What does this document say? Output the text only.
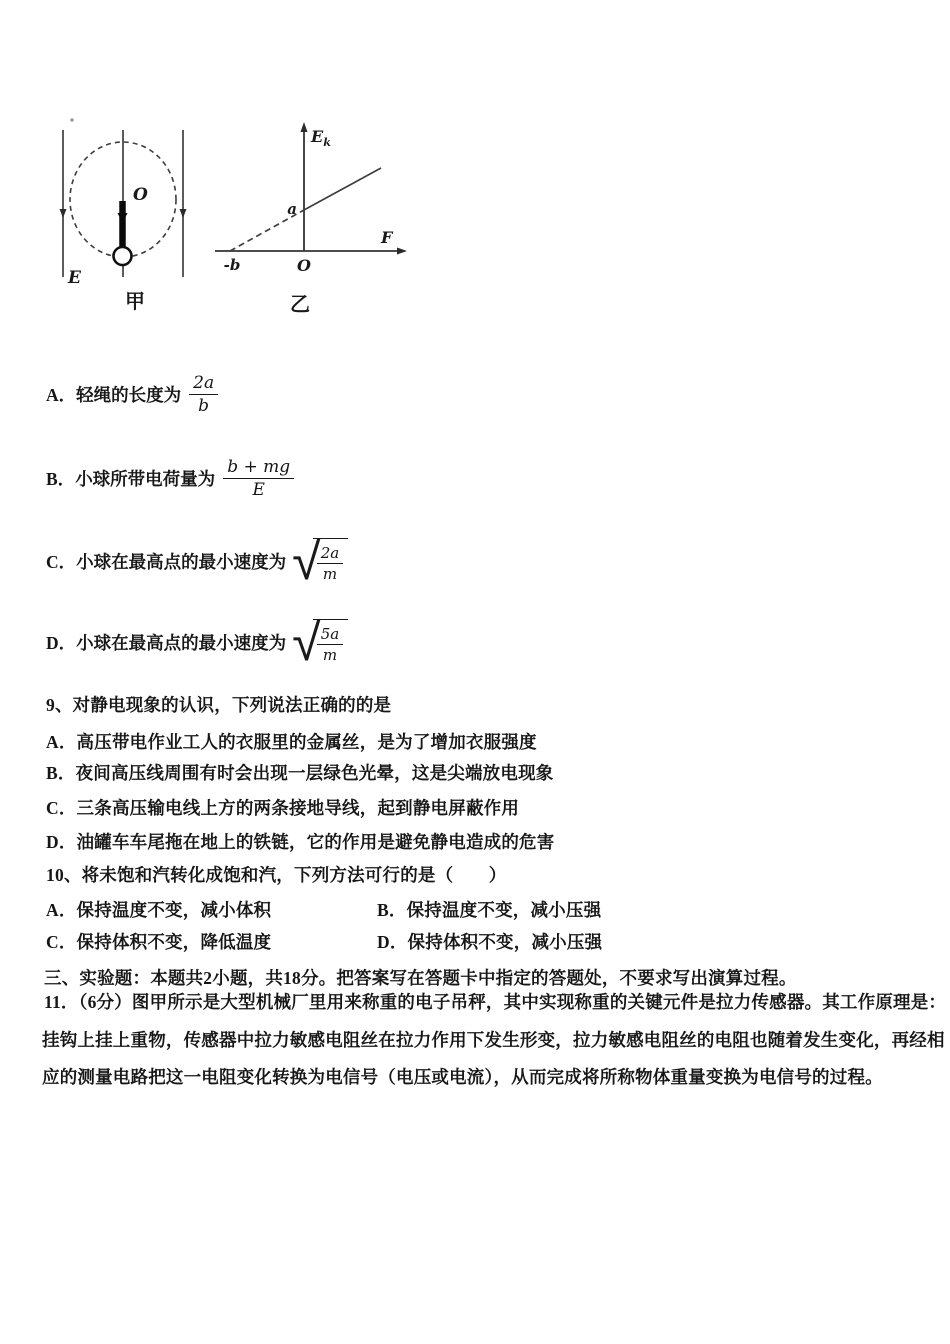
O
E
甲
$E_k$
F
O
a
-b
乙
A． 轻绳的长度为 $\frac{2a}{b}$
B． 小球所带电荷量为 $\frac{b + mg}{E}$
C． 小球在最高点的最小速度为 √
$\frac{2a}{m}$
D． 小球在最高点的最小速度为 √
$\frac{5a}{m}$
9、对静电现象的认识，下列说法正确的的是
A．高压带电作业工人的衣服里的金属丝，是为了增加衣服强度
B．夜间高压线周围有时会出现一层绿色光晕，这是尖端放电现象
C．三条高压输电线上方的两条接地导线，起到静电屏蔽作用
D．油罐车车尾拖在地上的铁链，它的作用是避免静电造成的危害
10、将未饱和汽转化成饱和汽，下列方法可行的是（　　）
A．保持温度不变，减小体积	B．保持温度不变，减小压强
C．保持体积不变，降低温度	D．保持体积不变，减小压强
三、实验题：本题共2小题，共18分。把答案写在答题卡中指定的答题处，不要求写出演算过程。
11．（6分）图甲所示是大型机械厂里用来称重的电子吊秤，其中实现称重的关键元件是拉力传感器。其工作原理是：
挂钩上挂上重物，传感器中拉力敏感电阻丝在拉力作用下发生形变，拉力敏感电阻丝的电阻也随着发生变化，再经相
应的测量电路把这一电阻变化转换为电信号（电压或电流），从而完成将所称物体重量变换为电信号的过程。
